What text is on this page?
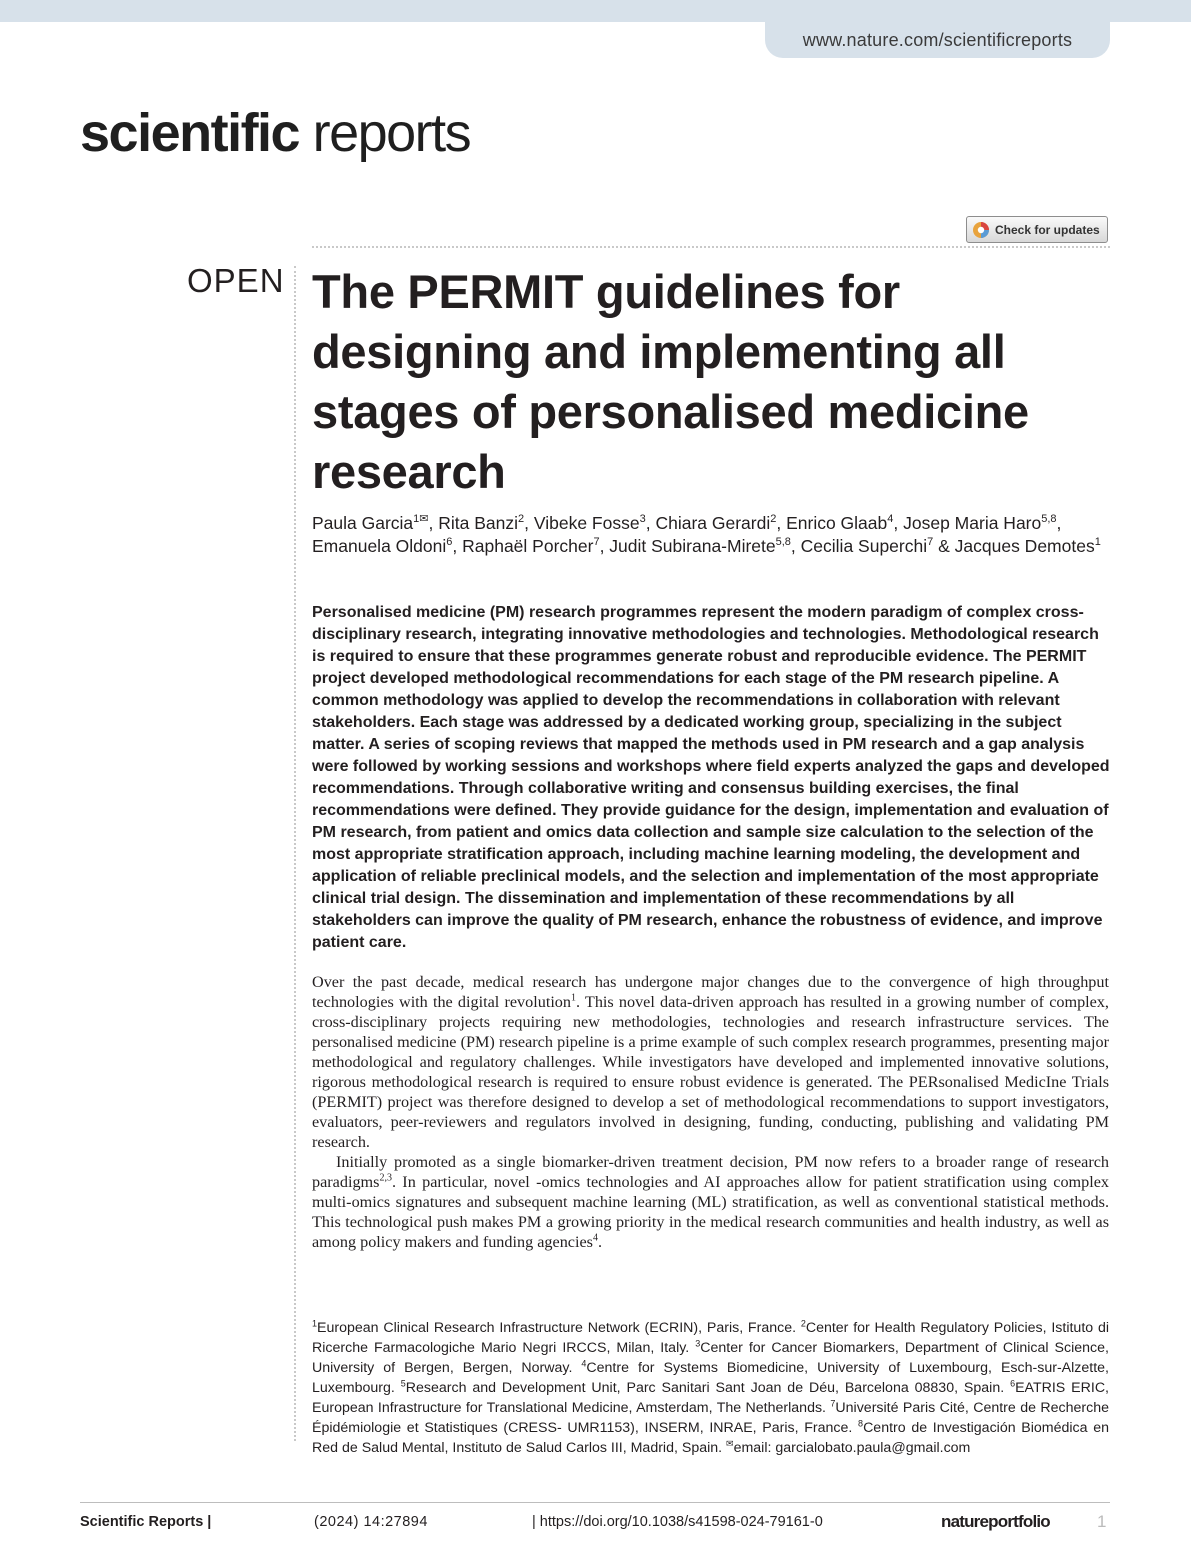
www.nature.com/scientificreports
scientific reports
Check for updates
OPEN The PERMIT guidelines for designing and implementing all stages of personalised medicine research
Paula Garcia$^{1✉}$, Rita Banzi$^2$, Vibeke Fosse$^3$, Chiara Gerardi$^2$, Enrico Glaab$^4$, Josep Maria Haro$^{5,8}$, Emanuela Oldoni$^6$, Raphaël Porcher$^7$, Judit Subirana-Mirete$^{5,8}$, Cecilia Superchi$^7$ & Jacques Demotes$^1$

Personalised medicine (PM) research programmes represent the modern paradigm of complex cross-disciplinary research, integrating innovative methodologies and technologies. Methodological research is required to ensure that these programmes generate robust and reproducible evidence. The PERMIT project developed methodological recommendations for each stage of the PM research pipeline. A common methodology was applied to develop the recommendations in collaboration with relevant stakeholders. Each stage was addressed by a dedicated working group, specializing in the subject matter. A series of scoping reviews that mapped the methods used in PM research and a gap analysis were followed by working sessions and workshops where field experts analyzed the gaps and developed recommendations. Through collaborative writing and consensus building exercises, the final recommendations were defined. They provide guidance for the design, implementation and evaluation of PM research, from patient and omics data collection and sample size calculation to the selection of the most appropriate stratification approach, including machine learning modeling, the development and application of reliable preclinical models, and the selection and implementation of the most appropriate clinical trial design. The dissemination and implementation of these recommendations by all stakeholders can improve the quality of PM research, enhance the robustness of evidence, and improve patient care.

Over the past decade, medical research has undergone major changes due to the convergence of high throughput technologies with the digital revolution$^1$. This novel data-driven approach has resulted in a growing number of complex, cross-disciplinary projects requiring new methodologies, technologies and research infrastructure services. The personalised medicine (PM) research pipeline is a prime example of such complex research programmes, presenting major methodological and regulatory challenges. While investigators have developed and implemented innovative solutions, rigorous methodological research is required to ensure robust evidence is generated. The PERsonalised MedicIne Trials (PERMIT) project was therefore designed to develop a set of methodological recommendations to support investigators, evaluators, peer-reviewers and regulators involved in designing, funding, conducting, publishing and validating PM research.

Initially promoted as a single biomarker-driven treatment decision, PM now refers to a broader range of research paradigms$^{2,3}$. In particular, novel -omics technologies and AI approaches allow for patient stratification using complex multi-omics signatures and subsequent machine learning (ML) stratification, as well as conventional statistical methods. This technological push makes PM a growing priority in the medical research communities and health industry, as well as among policy makers and funding agencies$^4$.

$^1$European Clinical Research Infrastructure Network (ECRIN), Paris, France. $^2$Center for Health Regulatory Policies, Istituto di Ricerche Farmacologiche Mario Negri IRCCS, Milan, Italy. $^3$Center for Cancer Biomarkers, Department of Clinical Science, University of Bergen, Bergen, Norway. $^4$Centre for Systems Biomedicine, University of Luxembourg, Esch-sur-Alzette, Luxembourg. $^5$Research and Development Unit, Parc Sanitari Sant Joan de Déu, Barcelona 08830, Spain. $^6$EATRIS ERIC, European Infrastructure for Translational Medicine, Amsterdam, The Netherlands. $^7$Université Paris Cité, Centre de Recherche Épidémiologie et Statistiques (CRESS- UMR1153), INSERM, INRAE, Paris, France. $^8$Centro de Investigación Biomédica en Red de Salud Mental, Instituto de Salud Carlos III, Madrid, Spain. ✉email: garcialobato.paula@gmail.com

Scientific Reports |	(2024) 14:27894	| https://doi.org/10.1038/s41598-024-79161-0	natureportfolio	1
